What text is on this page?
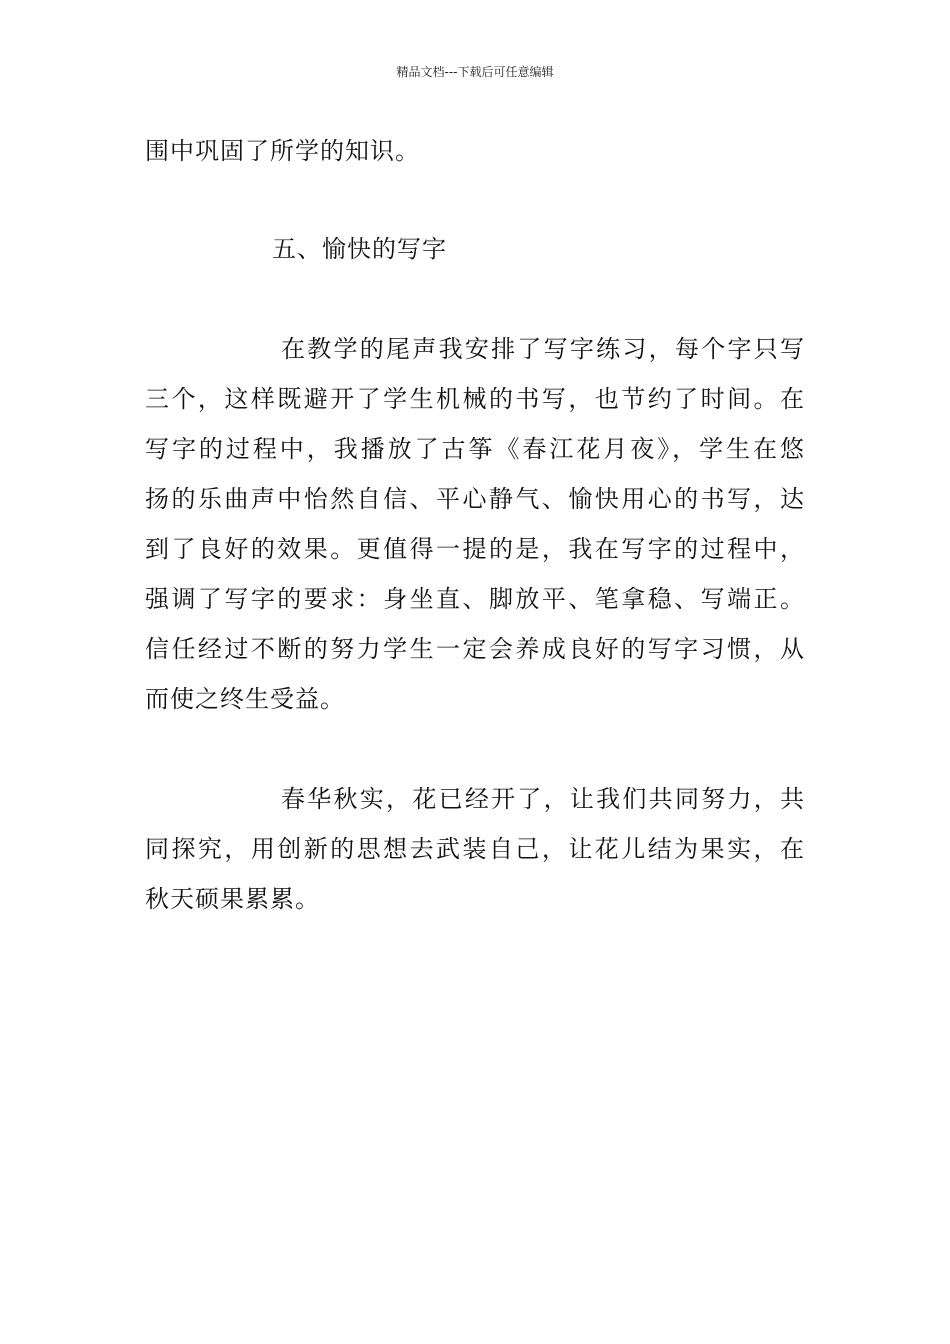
精品文档---下载后可任意编辑
围中巩固了所学的知识。
五、愉快的写字
在教学的尾声我安排了写字练习，每个字只写
三个，这样既避开了学生机械的书写，也节约了时间。在
写字的过程中，我播放了古筝《春江花月夜》，学生在悠
扬的乐曲声中怡然自信、平心静气、愉快用心的书写，达
到了良好的效果。更值得一提的是，我在写字的过程中，
强调了写字的要求：身坐直、脚放平、笔拿稳、写端正。
信任经过不断的努力学生一定会养成良好的写字习惯，从
而使之终生受益。
春华秋实，花已经开了，让我们共同努力，共
同探究，用创新的思想去武装自己，让花儿结为果实，在
秋天硕果累累。
